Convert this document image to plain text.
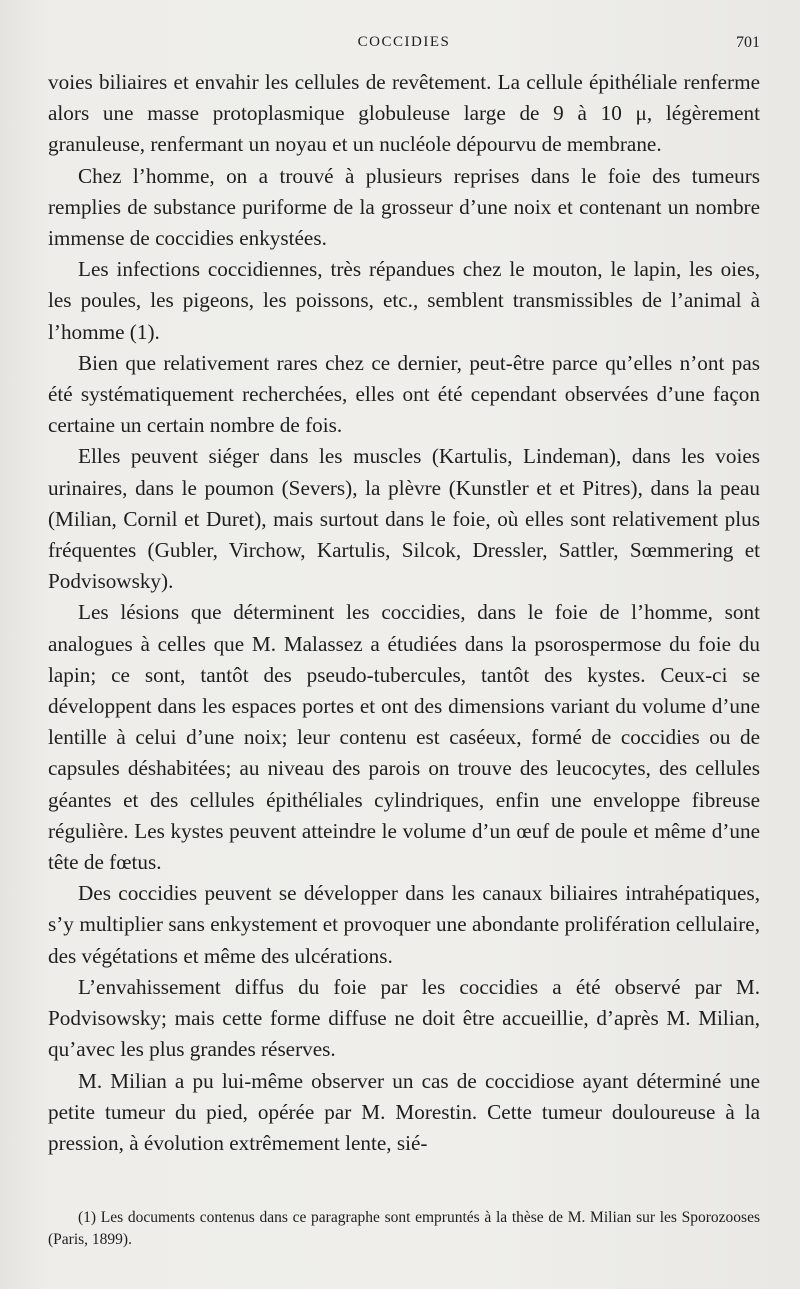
COCCIDIES	701

voies biliaires et envahir les cellules de revêtement. La cellule épithéliale renferme alors une masse protoplasmique globuleuse large de 9 à 10 μ, légèrement granuleuse, renfermant un noyau et un nucléole dépourvu de membrane.

Chez l’homme, on a trouvé à plusieurs reprises dans le foie des tumeurs remplies de substance puriforme de la grosseur d’une noix et contenant un nombre immense de coccidies enkystées.

Les infections coccidiennes, très répandues chez le mouton, le lapin, les oies, les poules, les pigeons, les poissons, etc., semblent transmissibles de l’animal à l’homme (1).

Bien que relativement rares chez ce dernier, peut-être parce qu’elles n’ont pas été systématiquement recherchées, elles ont été cependant observées d’une façon certaine un certain nombre de fois.

Elles peuvent siéger dans les muscles (Kartulis, Lindeman), dans les voies urinaires, dans le poumon (Severs), la plèvre (Kunstler et et Pitres), dans la peau (Milian, Cornil et Duret), mais surtout dans le foie, où elles sont relativement plus fréquentes (Gubler, Virchow, Kartulis, Silcok, Dressler, Sattler, Sœmmering et Podvisowsky).

Les lésions que déterminent les coccidies, dans le foie de l’homme, sont analogues à celles que M. Malassez a étudiées dans la psorospermose du foie du lapin; ce sont, tantôt des pseudo-tubercules, tantôt des kystes. Ceux-ci se développent dans les espaces portes et ont des dimensions variant du volume d’une lentille à celui d’une noix; leur contenu est caséeux, formé de coccidies ou de capsules déshabitées; au niveau des parois on trouve des leucocytes, des cellules géantes et des cellules épithéliales cylindriques, enfin une enveloppe fibreuse régulière. Les kystes peuvent atteindre le volume d’un œuf de poule et même d’une tête de fœtus.

Des coccidies peuvent se développer dans les canaux biliaires intrahépatiques, s’y multiplier sans enkystement et provoquer une abondante prolifération cellulaire, des végétations et même des ulcérations.

L’envahissement diffus du foie par les coccidies a été observé par M. Podvisowsky; mais cette forme diffuse ne doit être accueillie, d’après M. Milian, qu’avec les plus grandes réserves.

M. Milian a pu lui-même observer un cas de coccidiose ayant déterminé une petite tumeur du pied, opérée par M. Morestin. Cette tumeur douloureuse à la pression, à évolution extrêmement lente, sié-

(1) Les documents contenus dans ce paragraphe sont empruntés à la thèse de M. Milian sur les Sporozooses (Paris, 1899).
